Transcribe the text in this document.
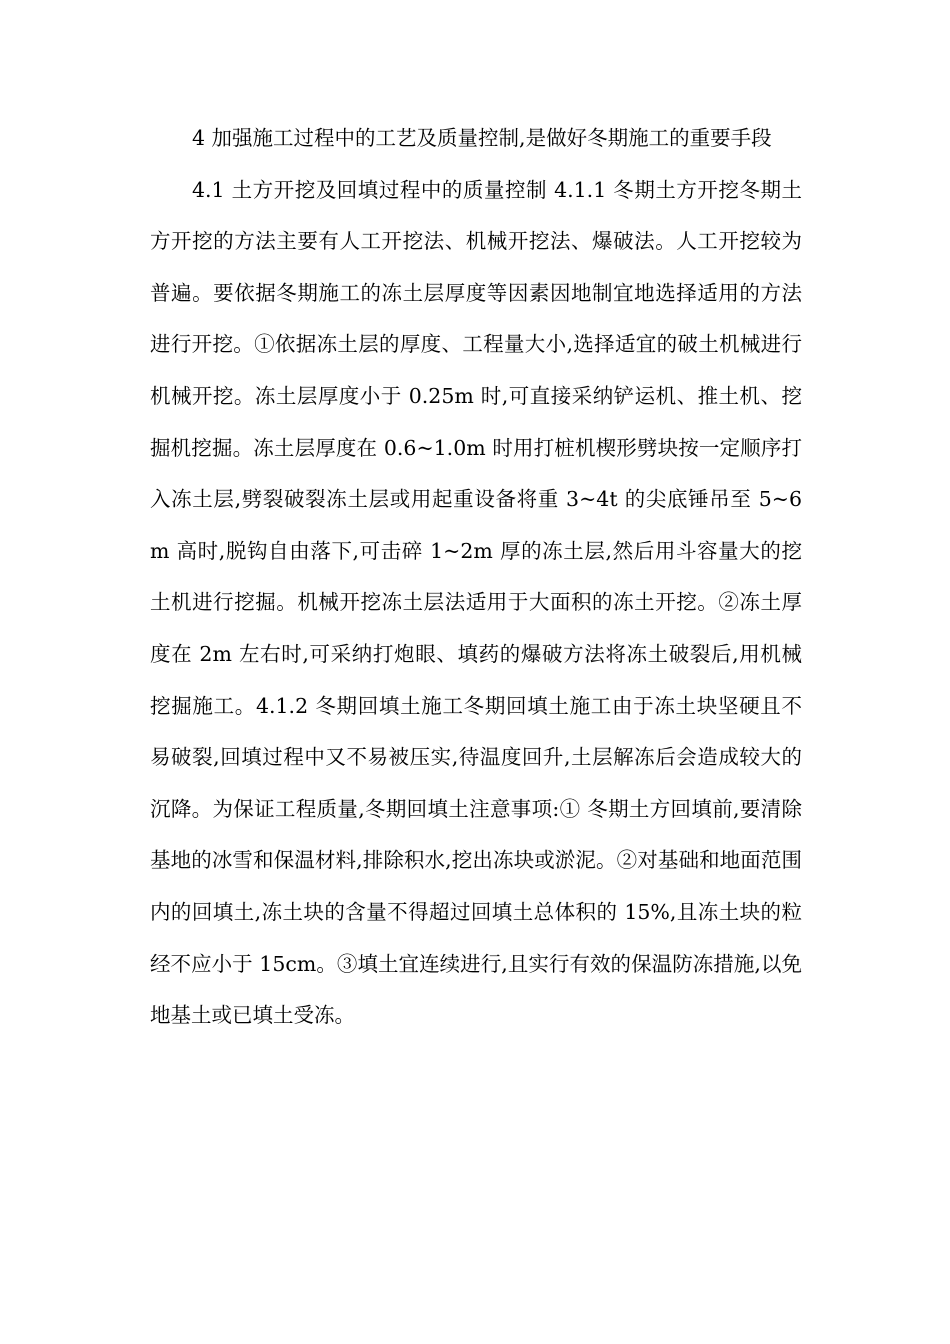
4 加强施工过程中的工艺及质量控制,是做好冬期施工的重要手段

4.1 土方开挖及回填过程中的质量控制 4.1.1 冬期土方开挖冬期土方开挖的方法主要有人工开挖法、机械开挖法、爆破法。人工开挖较为普遍。要依据冬期施工的冻土层厚度等因素因地制宜地选择适用的方法进行开挖。①依据冻土层的厚度、工程量大小,选择适宜的破土机械进行机械开挖。冻土层厚度小于 0.25m 时,可直接采纳铲运机、推土机、挖掘机挖掘。冻土层厚度在 0.6~1.0m 时用打桩机楔形劈块按一定顺序打入冻土层,劈裂破裂冻土层或用起重设备将重 3~4t 的尖底锤吊至 5~6m 高时,脱钩自由落下,可击碎 1~2m 厚的冻土层,然后用斗容量大的挖土机进行挖掘。机械开挖冻土层法适用于大面积的冻土开挖。②冻土厚度在 2m 左右时,可采纳打炮眼、填药的爆破方法将冻土破裂后,用机械挖掘施工。4.1.2 冬期回填土施工冬期回填土施工由于冻土块坚硬且不易破裂,回填过程中又不易被压实,待温度回升,土层解冻后会造成较大的沉降。为保证工程质量,冬期回填土注意事项:① 冬期土方回填前,要清除基地的冰雪和保温材料,排除积水,挖出冻块或淤泥。②对基础和地面范围内的回填土,冻土块的含量不得超过回填土总体积的 15%,且冻土块的粒经不应小于 15cm。③填土宜连续进行,且实行有效的保温防冻措施,以免地基土或已填土受冻。
